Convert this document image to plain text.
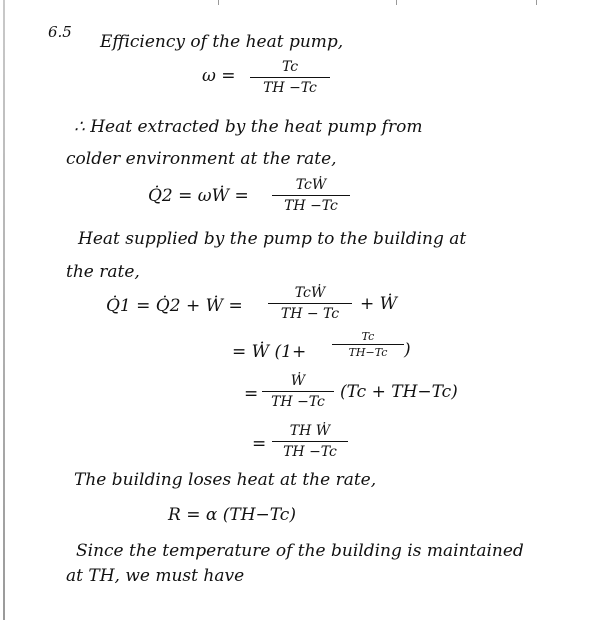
6.5 Efficiency of the heat pump,
ω =	Tc
TH −Tc
∴ Heat extracted by the heat pump from
colder environment at the rate,
Q̇2 = ωẆ =
TcẆ
TH −Tc
Heat supplied by the pump to the building at
the rate,
Q̇1 = Q̇2 + Ẇ =
TcẆ
TH − Tc	+ Ẇ
= Ẇ (1+
Tc
TH−Tc )
=
Ẇ
TH −Tc (Tc + TH−Tc)
=
TH Ẇ
TH −Tc
The building loses heat at the rate,
R = α (TH−Tc)
Since the temperature of the building is maintained
at TH, we must have
